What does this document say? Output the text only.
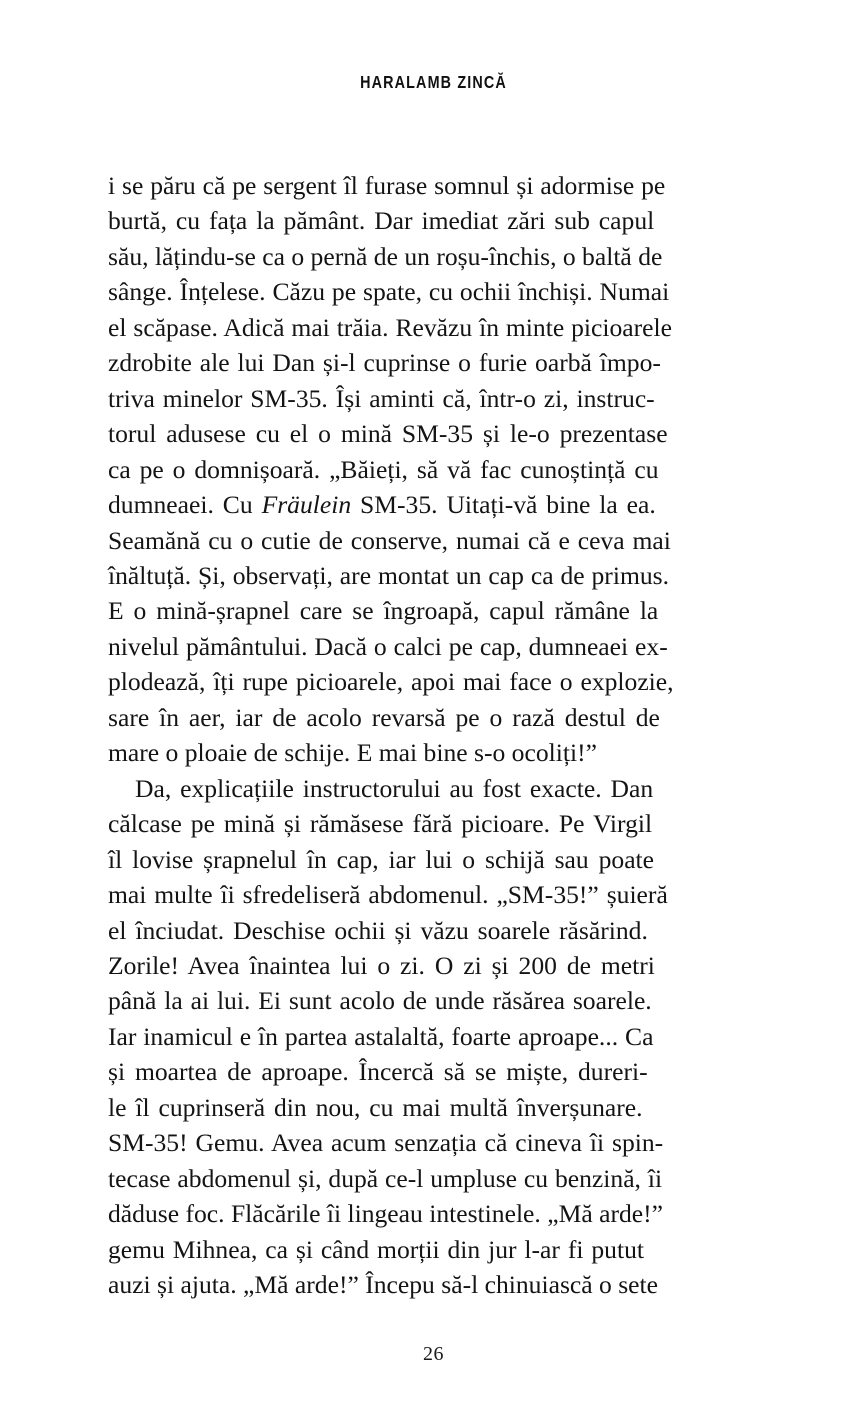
HARALAMB ZINCĂ
i se păru că pe sergent îl furase somnul și adormise pe
burtă, cu fața la pământ. Dar imediat zări sub capul
său, lățindu-se ca o pernă de un roșu-închis, o baltă de
sânge. Înțelese. Căzu pe spate, cu ochii închiși. Numai
el scăpase. Adică mai trăia. Revăzu în minte picioarele
zdrobite ale lui Dan și-l cuprinse o furie oarbă împo-
triva minelor SM-35. Își aminti că, într-o zi, instruc-
torul adusese cu el o mină SM-35 și le-o prezentase
ca pe o domnișoară. „Băieți, să vă fac cunoștință cu
dumneaei. Cu Fräulein SM-35. Uitați-vă bine la ea.
Seamănă cu o cutie de conserve, numai că e ceva mai
înăltuță. Și, observați, are montat un cap ca de primus.
E o mină-șrapnel care se îngroapă, capul rămâne la
nivelul pământului. Dacă o calci pe cap, dumneaei ex-
plodează, îți rupe picioarele, apoi mai face o explozie,
sare în aer, iar de acolo revarsă pe o rază destul de
mare o ploaie de schije. E mai bine s-o ocoliți!”
Da, explicațiile instructorului au fost exacte. Dan
călcase pe mină și rămăsese fără picioare. Pe Virgil
îl lovise șrapnelul în cap, iar lui o schijă sau poate
mai multe îi sfredeliseră abdomenul. „SM-35!” șuieră
el înciudat. Deschise ochii și văzu soarele răsărind.
Zorile! Avea înaintea lui o zi. O zi și 200 de metri
până la ai lui. Ei sunt acolo de unde răsărea soarele.
Iar inamicul e în partea astalaltă, foarte aproape... Ca
și moartea de aproape. Încercă să se miște, dureri-
le îl cuprinseră din nou, cu mai multă înverșunare.
SM-35! Gemu. Avea acum senzația că cineva îi spin-
tecase abdomenul și, după ce-l umpluse cu benzină, îi
dăduse foc. Flăcările îi lingeau intestinele. „Mă arde!”
gemu Mihnea, ca și când morții din jur l-ar fi putut
auzi și ajuta. „Mă arde!” Începu să-l chinuiască o sete
26
